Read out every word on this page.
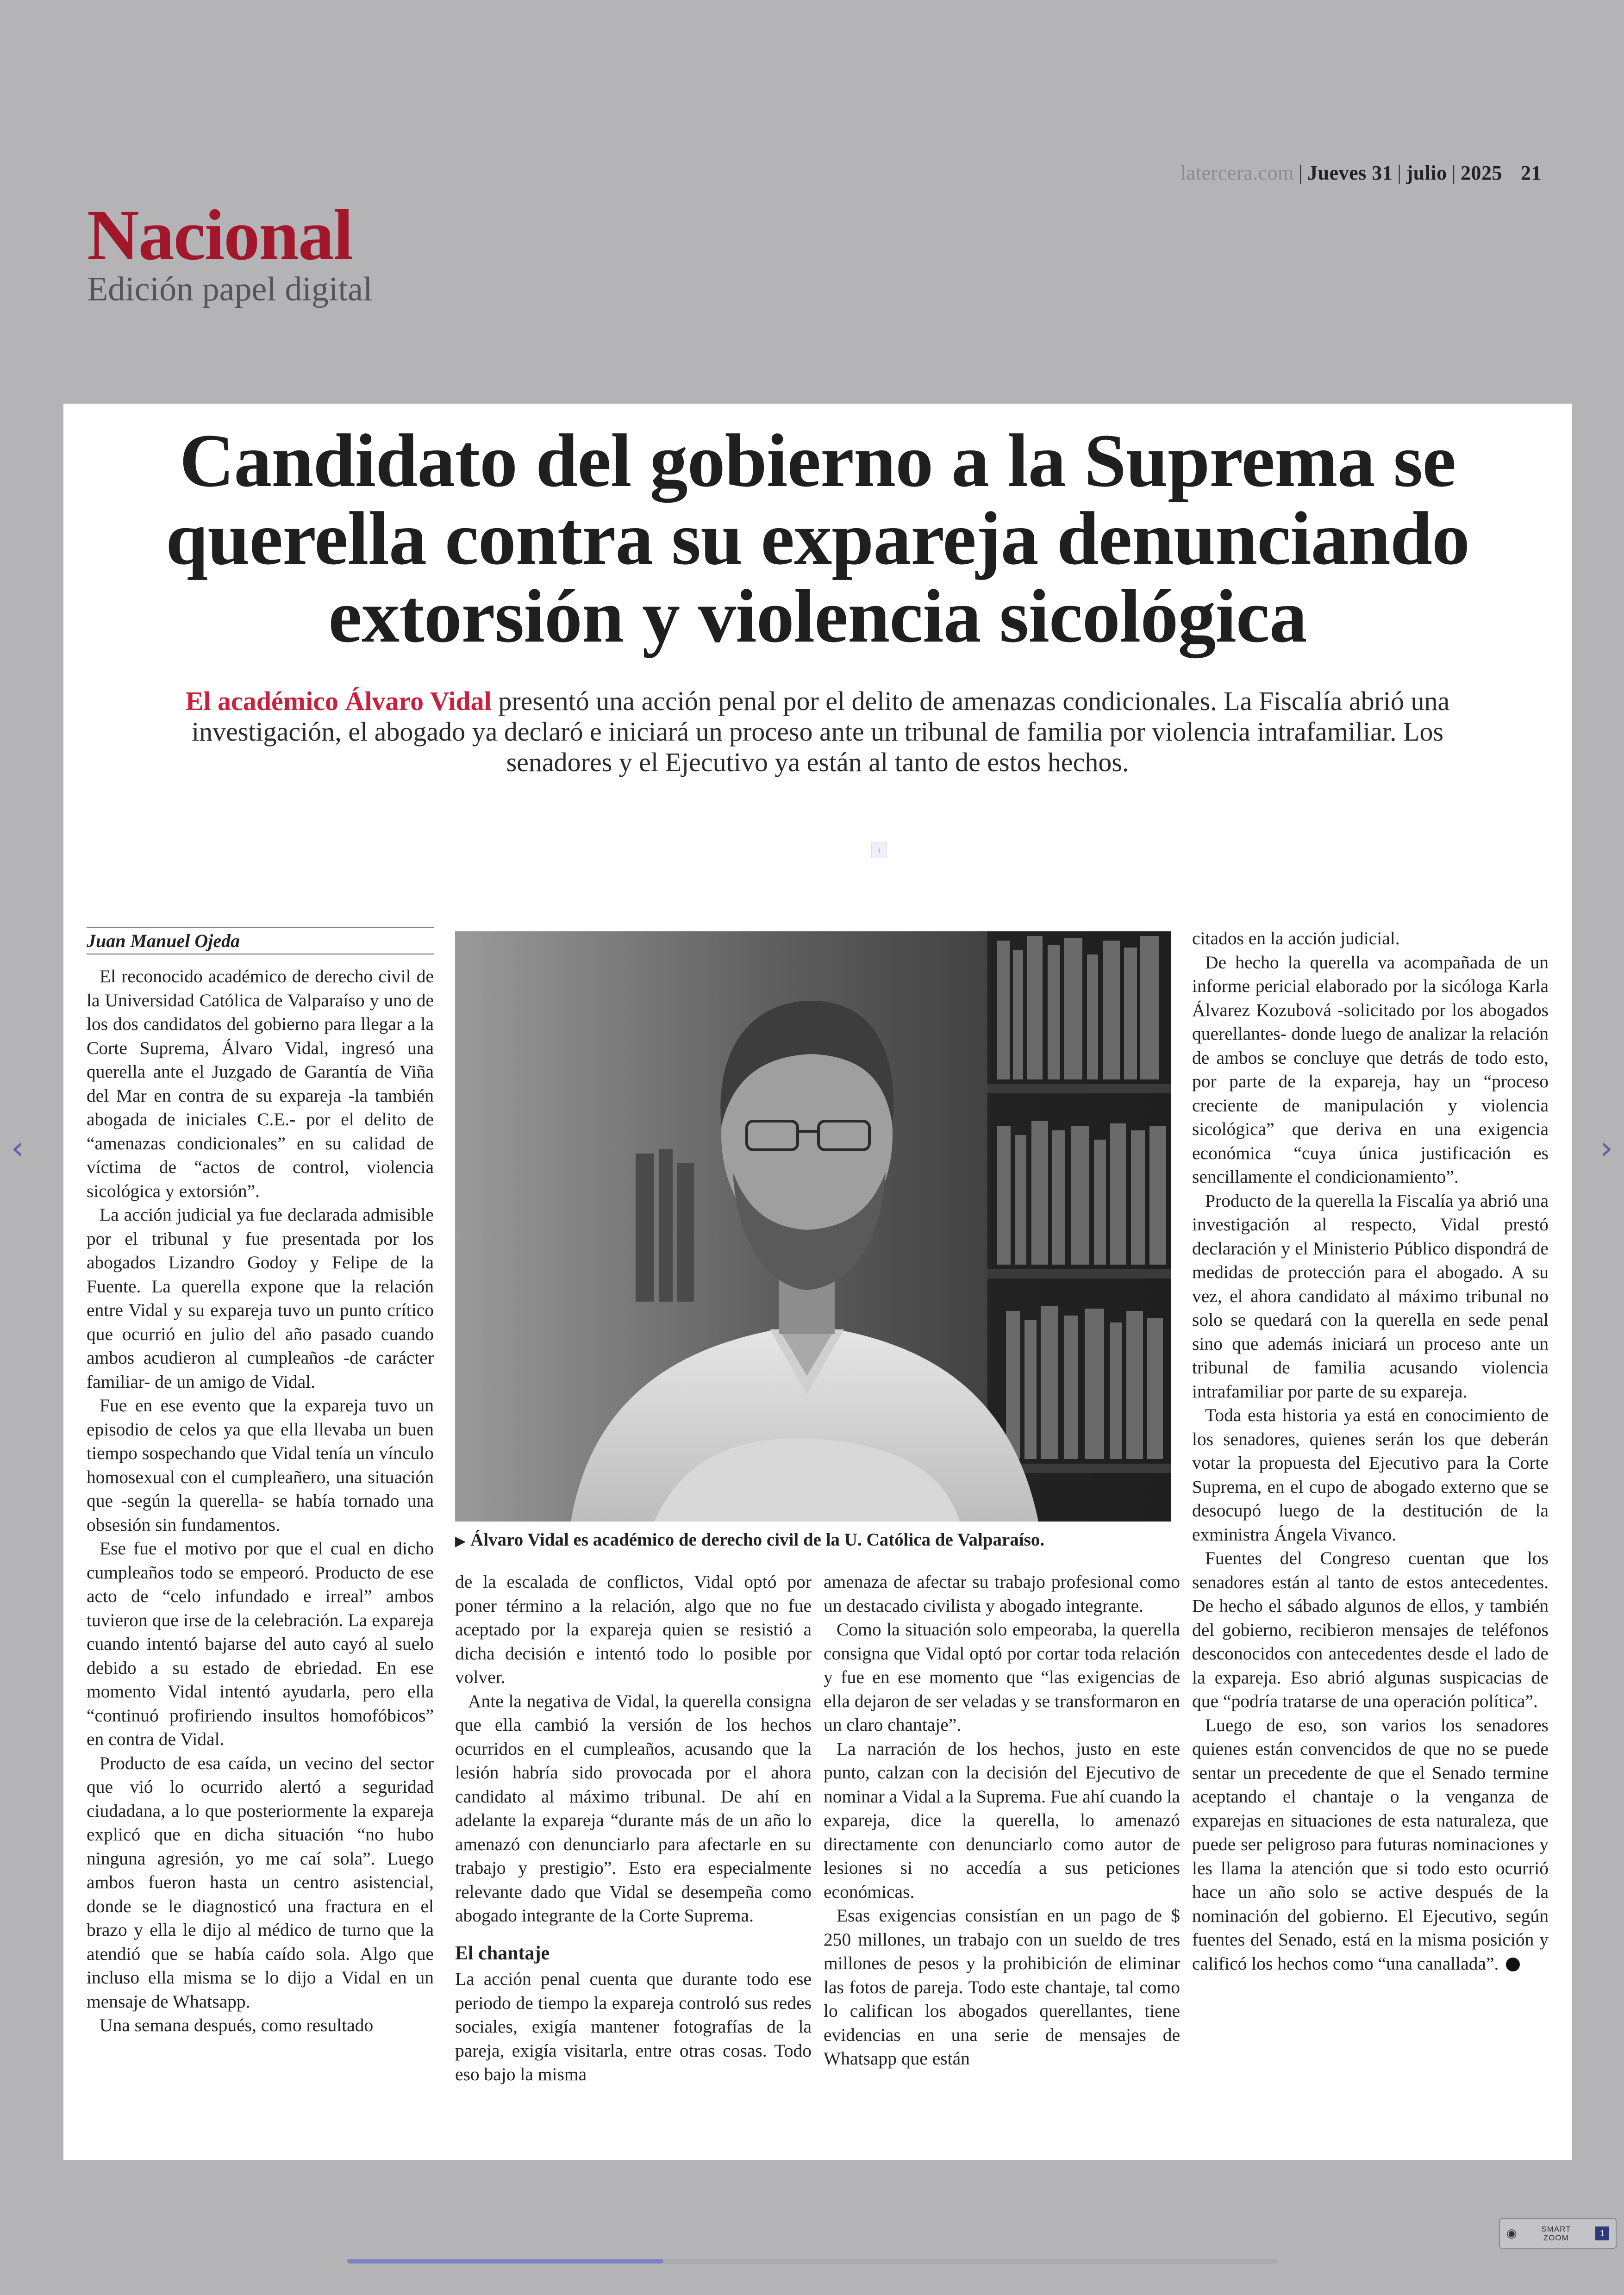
‹	›
latercera.com | Jueves 31 | julio | 2025 21
Nacional
Edición papel digital
Candidato del gobierno a la Suprema se querella contra su expareja denunciando extorsión y violencia sicológica
El académico Álvaro Vidal presentó una acción penal por el delito de amenazas condicionales. La Fiscalía abrió una investigación, el abogado ya declaró e iniciará un proceso ante un tribunal de familia por violencia intrafamiliar. Los senadores y el Ejecutivo ya están al tanto de estos hechos.
i
Juan Manuel Ojeda

El reconocido académico de derecho civil de la Universidad Católica de Valparaíso y uno de los dos candidatos del gobierno para llegar a la Corte Suprema, Álvaro Vidal, ingresó una querella ante el Juzgado de Garantía de Viña del Mar en contra de su expareja -la también abogada de iniciales C.E.- por el delito de “amenazas condicionales” en su calidad de víctima de “actos de control, violencia sicológica y extorsión”.

La acción judicial ya fue declarada admisible por el tribunal y fue presentada por los abogados Lizandro Godoy y Felipe de la Fuente. La querella expone que la relación entre Vidal y su expareja tuvo un punto crítico que ocurrió en julio del año pasado cuando ambos acudieron al cumpleaños -de carácter familiar- de un amigo de Vidal.

Fue en ese evento que la expareja tuvo un episodio de celos ya que ella llevaba un buen tiempo sospechando que Vidal tenía un vínculo homosexual con el cumpleañero, una situación que -según la querella- se había tornado una obsesión sin fundamentos.

Ese fue el motivo por que el cual en dicho cumpleaños todo se empeoró. Producto de ese acto de “celo infundado e irreal” ambos tuvieron que irse de la celebración. La expareja cuando intentó bajarse del auto cayó al suelo debido a su estado de ebriedad. En ese momento Vidal intentó ayudarla, pero ella “continuó profiriendo insultos homofóbicos” en contra de Vidal.

Producto de esa caída, un vecino del sector que vió lo ocurrido alertó a seguridad ciudadana, a lo que posteriormente la expareja explicó que en dicha situación “no hubo ninguna agresión, yo me caí sola”. Luego ambos fueron hasta un centro asistencial, donde se le diagnosticó una fractura en el brazo y ella le dijo al médico de turno que la atendió que se había caído sola. Algo que incluso ella misma se lo dijo a Vidal en un mensaje de Whatsapp.

Una semana después, como resultado

▶ Álvaro Vidal es académico de derecho civil de la U. Católica de Valparaíso.

de la escalada de conflictos, Vidal optó por poner término a la relación, algo que no fue aceptado por la expareja quien se resistió a dicha decisión e intentó todo lo posible por volver.

Ante la negativa de Vidal, la querella consigna que ella cambió la versión de los hechos ocurridos en el cumpleaños, acusando que la lesión habría sido provocada por el ahora candidato al máximo tribunal. De ahí en adelante la expareja “durante más de un año lo amenazó con denunciarlo para afectarle en su trabajo y prestigio”. Esto era especialmente relevante dado que Vidal se desempeña como abogado integrante de la Corte Suprema.

El chantaje

La acción penal cuenta que durante todo ese periodo de tiempo la expareja controló sus redes sociales, exigía mantener fotografías de la pareja, exigía visitarla, entre otras cosas. Todo eso bajo la misma

amenaza de afectar su trabajo profesional como un destacado civilista y abogado integrante.

Como la situación solo empeoraba, la querella consigna que Vidal optó por cortar toda relación y fue en ese momento que “las exigencias de ella dejaron de ser veladas y se transformaron en un claro chantaje”.

La narración de los hechos, justo en este punto, calzan con la decisión del Ejecutivo de nominar a Vidal a la Suprema. Fue ahí cuando la expareja, dice la querella, lo amenazó directamente con denunciarlo como autor de lesiones si no accedía a sus peticiones económicas.

Esas exigencias consistían en un pago de $ 250 millones, un trabajo con un sueldo de tres millones de pesos y la prohibición de eliminar las fotos de pareja. Todo este chantaje, tal como lo califican los abogados querellantes, tiene evidencias en una serie de mensajes de Whatsapp que están

citados en la acción judicial.

De hecho la querella va acompañada de un informe pericial elaborado por la sicóloga Karla Álvarez Kozubová -solicitado por los abogados querellantes- donde luego de analizar la relación de ambos se concluye que detrás de todo esto, por parte de la expareja, hay un “proceso creciente de manipulación y violencia sicológica” que deriva en una exigencia económica “cuya única justificación es sencillamente el condicionamiento”.

Producto de la querella la Fiscalía ya abrió una investigación al respecto, Vidal prestó declaración y el Ministerio Público dispondrá de medidas de protección para el abogado. A su vez, el ahora candidato al máximo tribunal no solo se quedará con la querella en sede penal sino que además iniciará un proceso ante un tribunal de familia acusando violencia intrafamiliar por parte de su expareja.

Toda esta historia ya está en conocimiento de los senadores, quienes serán los que deberán votar la propuesta del Ejecutivo para la Corte Suprema, en el cupo de abogado externo que se desocupó luego de la destitución de la exministra Ángela Vivanco.

Fuentes del Congreso cuentan que los senadores están al tanto de estos antecedentes. De hecho el sábado algunos de ellos, y también del gobierno, recibieron mensajes de teléfonos desconocidos con antecedentes desde el lado de la expareja. Eso abrió algunas suspicacias de que “podría tratarse de una operación política”.

Luego de eso, son varios los senadores quienes están convencidos de que no se puede sentar un precedente de que el Senado termine aceptando el chantaje o la venganza de exparejas en situaciones de esta naturaleza, que puede ser peligroso para futuras nominaciones y les llama la atención que si todo esto ocurrió hace un año solo se active después de la nominación del gobierno. El Ejecutivo, según fuentes del Senado, está en la misma posición y calificó los hechos como “una canallada”.

◉	SMART
ZOOM	1
